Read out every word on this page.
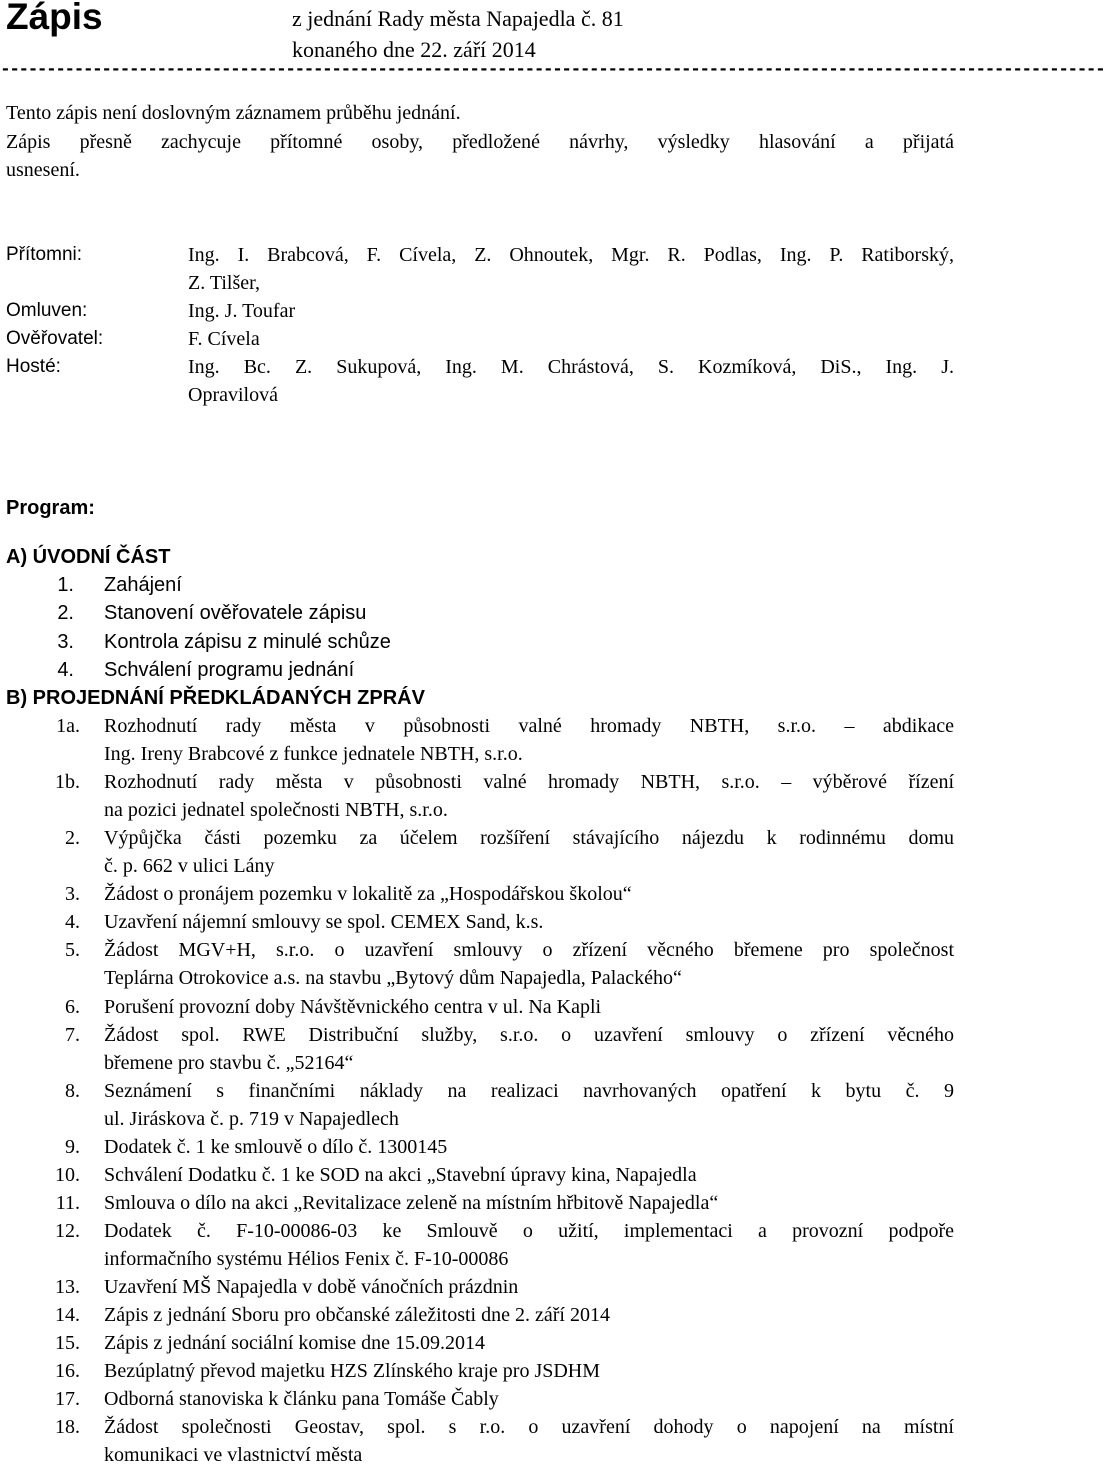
Zápis	z jednání Rady města Napajedla č. 81
konaného dne 22. září 2014
------------------------------------------------------------------------------------------------------------------------
Tento zápis není doslovným záznamem průběhu jednání.
Zápis přesně zachycuje přítomné osoby, předložené návrhy, výsledky hlasování a přijatá
usnesení.
Přítomni:	Ing. I. Brabcová, F. Cívela, Z. Ohnoutek, Mgr. R. Podlas, Ing. P. Ratiborský,
Z. Tilšer,
Omluven:	Ing. J. Toufar
Ověřovatel:	F. Cívela
Hosté:	Ing. Bc. Z. Sukupová, Ing. M. Chrástová, S. Kozmíková, DiS., Ing. J.
Opravilová
Program:
A) ÚVODNÍ ČÁST
B) PROJEDNÁNÍ PŘEDKLÁDANÝCH ZPRÁV
1. Zahájení
2. Stanovení ověřovatele zápisu
3. Kontrola zápisu z minulé schůze
4. Schválení programu jednání
1a. Rozhodnutí rady města v působnosti valné hromady NBTH, s.r.o. – abdikace
Ing. Ireny Brabcové z funkce jednatele NBTH, s.r.o.
1b. Rozhodnutí rady města v působnosti valné hromady NBTH, s.r.o. – výběrové řízení
na pozici jednatel společnosti NBTH, s.r.o.
2. Výpůjčka části pozemku za účelem rozšíření stávajícího nájezdu k rodinnému domu
č. p. 662 v ulici Lány
3. Žádost o pronájem pozemku v lokalitě za „Hospodářskou školou“
4. Uzavření nájemní smlouvy se spol. CEMEX Sand, k.s.
5. Žádost MGV+H, s.r.o. o uzavření smlouvy o zřízení věcného břemene pro společnost
Teplárna Otrokovice a.s. na stavbu „Bytový dům Napajedla, Palackého“
6. Porušení provozní doby Návštěvnického centra v ul. Na Kapli
7. Žádost spol. RWE Distribuční služby, s.r.o. o uzavření smlouvy o zřízení věcného
břemene pro stavbu č. „52164“
8. Seznámení s finančními náklady na realizaci navrhovaných opatření k bytu č. 9
ul. Jiráskova č. p. 719 v Napajedlech
9. Dodatek č. 1 ke smlouvě o dílo č. 1300145
10. Schválení Dodatku č. 1 ke SOD na akci „Stavební úpravy kina, Napajedla
11. Smlouva o dílo na akci „Revitalizace zeleně na místním hřbitově Napajedla“
12. Dodatek č. F-10-00086-03 ke Smlouvě o užití, implementaci a provozní podpoře
informačního systému Hélios Fenix č. F-10-00086
13. Uzavření MŠ Napajedla v době vánočních prázdnin
14. Zápis z jednání Sboru pro občanské záležitosti dne 2. září 2014
15. Zápis z jednání sociální komise dne 15.09.2014
16. Bezúplatný převod majetku HZS Zlínského kraje pro JSDHM
17. Odborná stanoviska k článku pana Tomáše Čably
18. Žádost společnosti Geostav, spol. s r.o. o uzavření dohody o napojení na místní
komunikaci ve vlastnictví města
